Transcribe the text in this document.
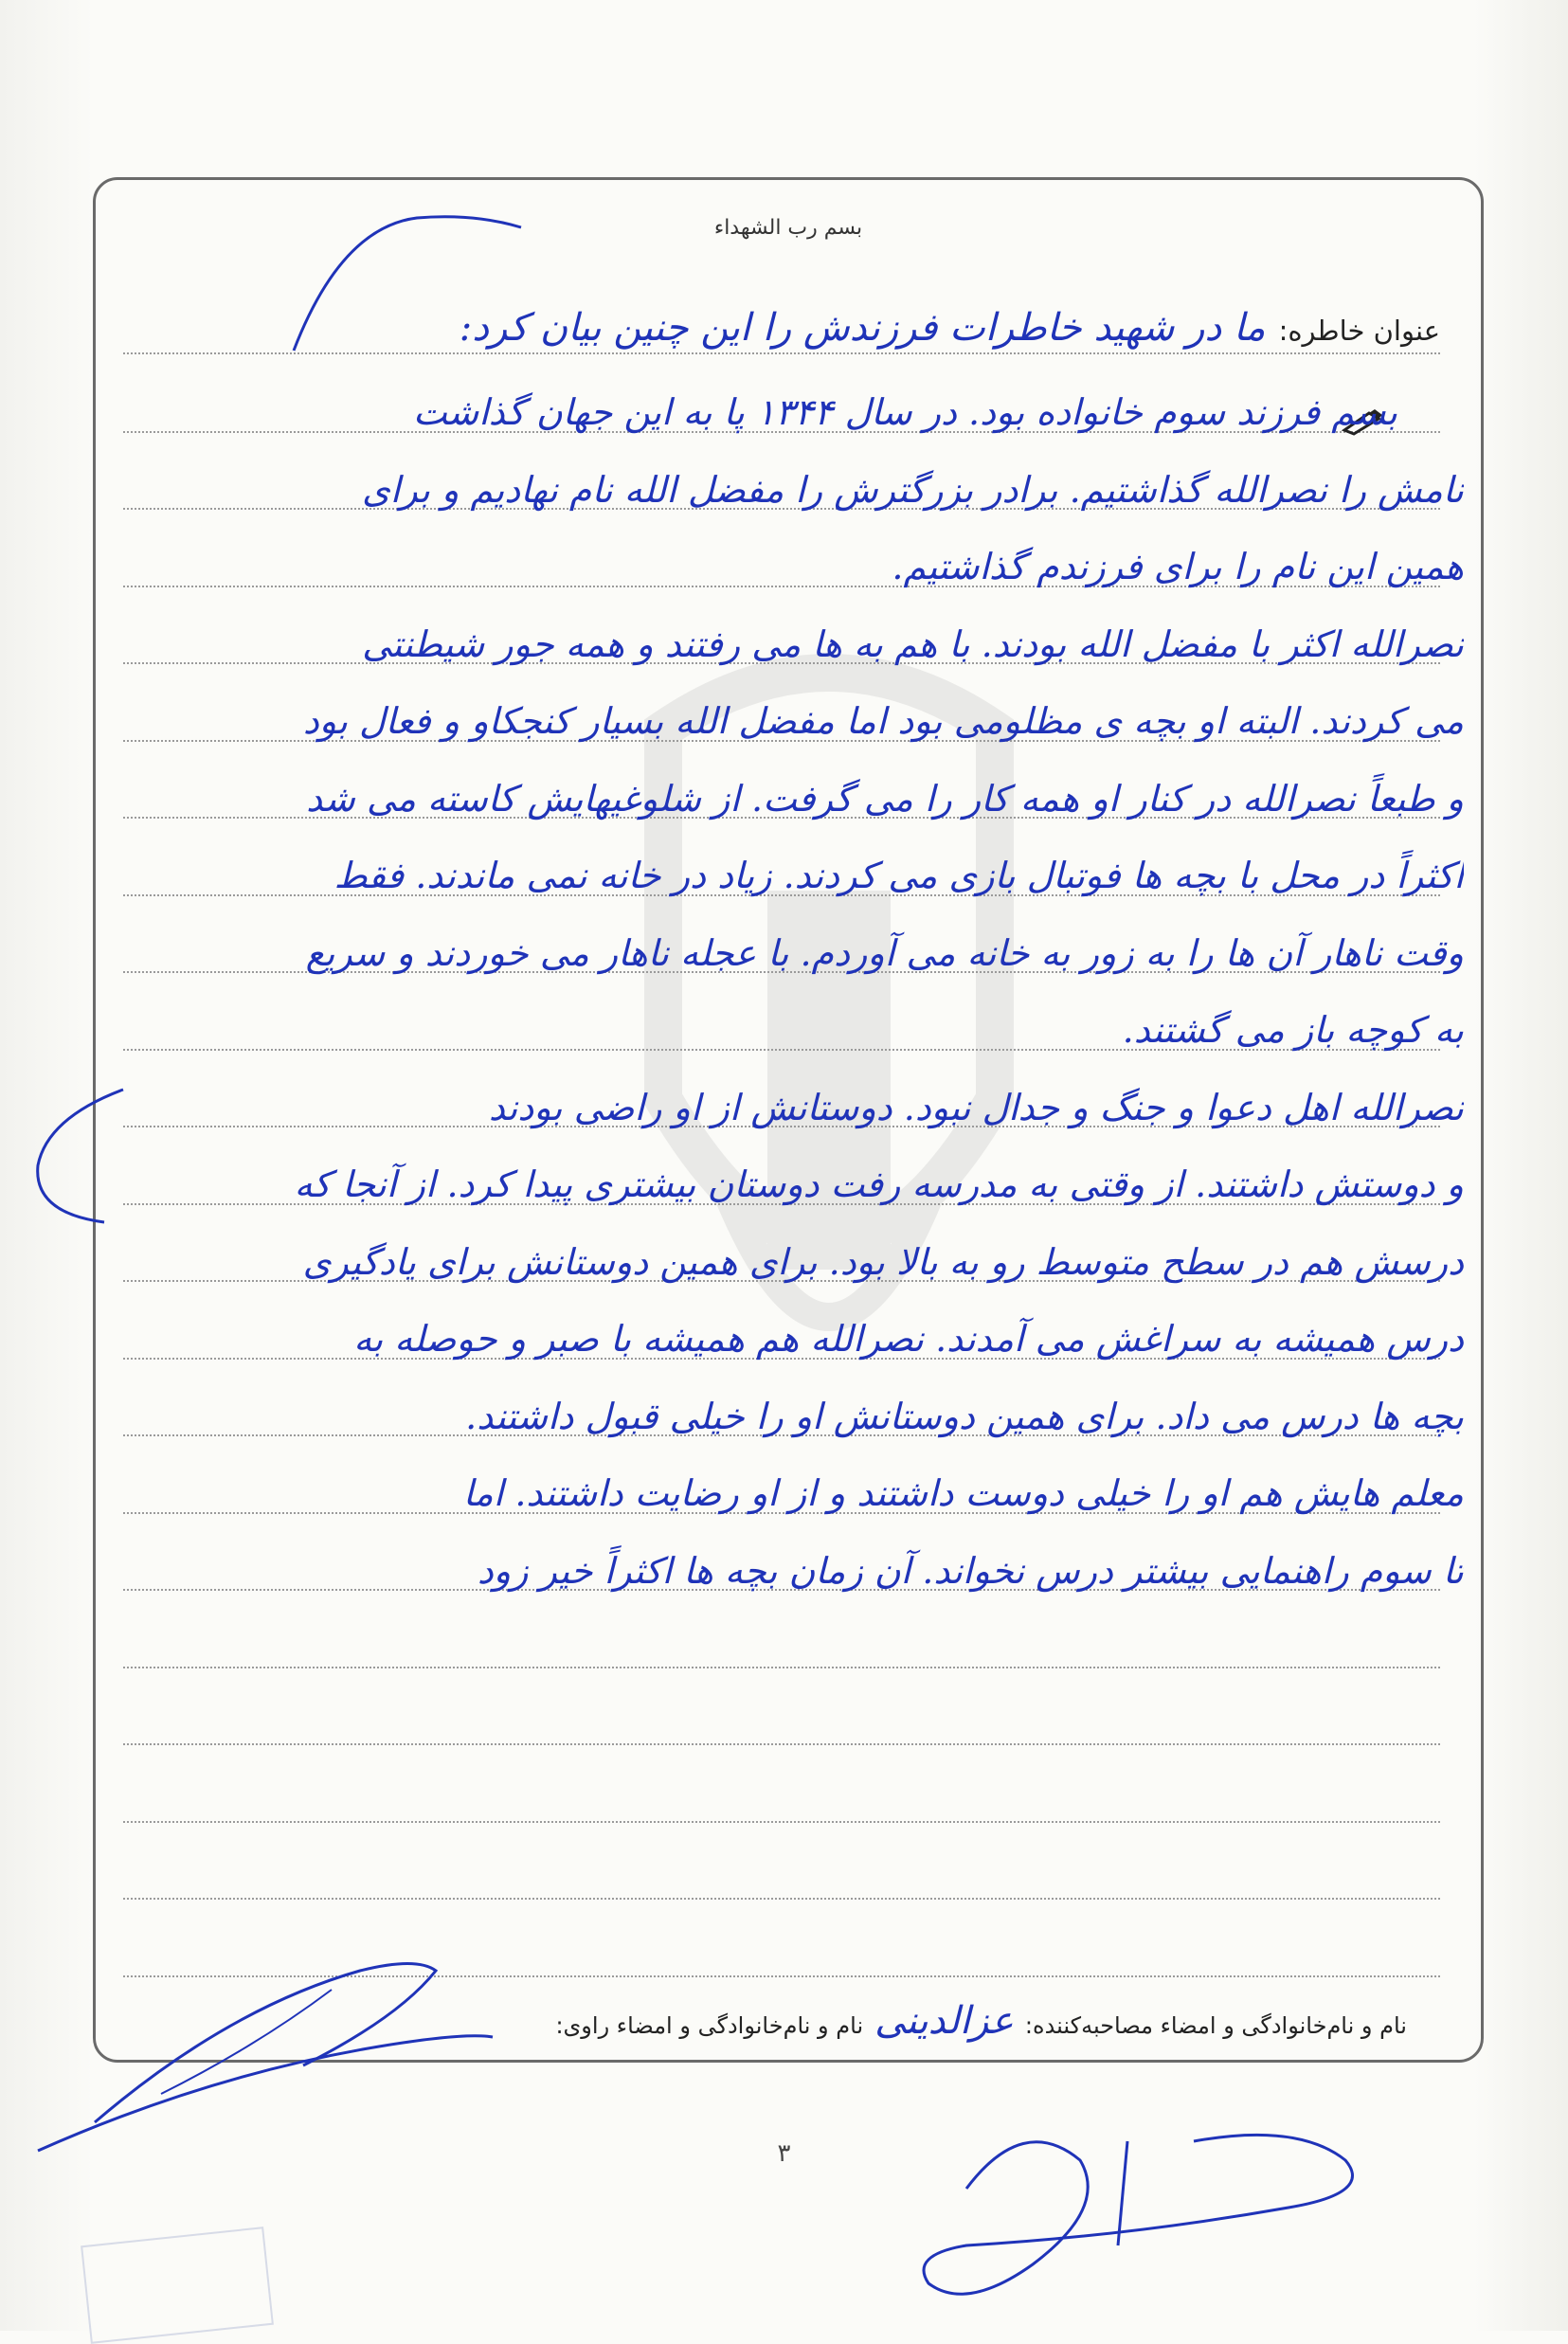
بسم رب الشهداء
عنوان خاطره:
ما در شهید خاطرات فرزندش را این چنین بیان کرد:
بسم فرزند سوم خانواده بود. در سال ۱۳۴۴ پا به این جهان گذاشت
نامش را نصرالله گذاشتیم. برادر بزرگترش را مفضل الله نام نهادیم و برای
همین این نام را برای فرزندم گذاشتیم.
نصرالله اکثر با مفضل الله بودند. با هم به ها می رفتند و همه جور شیطنتی
می کردند. البته او بچه ی مظلومی بود اما مفضل الله بسیار کنجکاو و فعال بود
و طبعاً نصرالله در کنار او همه کار را می گرفت. از شلوغیهایش کاسته می شد
اکثراً در محل با بچه ها فوتبال بازی می کردند. زیاد در خانه نمی ماندند. فقط
وقت ناهار آن ها را به زور به خانه می آوردم. با عجله ناهار می خوردند و سریع
به کوچه باز می گشتند.
نصرالله اهل دعوا و جنگ و جدال نبود. دوستانش از او راضی بودند
و دوستش داشتند. از وقتی به مدرسه رفت دوستان بیشتری پیدا کرد. از آنجا که
درسش هم در سطح متوسط رو به بالا بود. برای همین دوستانش برای یادگیری
درس همیشه به سراغش می آمدند. نصرالله هم همیشه با صبر و حوصله به
بچه ها درس می داد. برای همین دوستانش او را خیلی قبول داشتند.
معلم هایش هم او را خیلی دوست داشتند و از او رضایت داشتند. اما
تا سوم راهنمایی بیشتر درس نخواند. آن زمان بچه ها اکثراً خیر زود
نام و نام‌خانوادگی و امضاء مصاحبه‌کننده:
عزالدینی
نام و نام‌خانوادگی و امضاء راوی:
۳
